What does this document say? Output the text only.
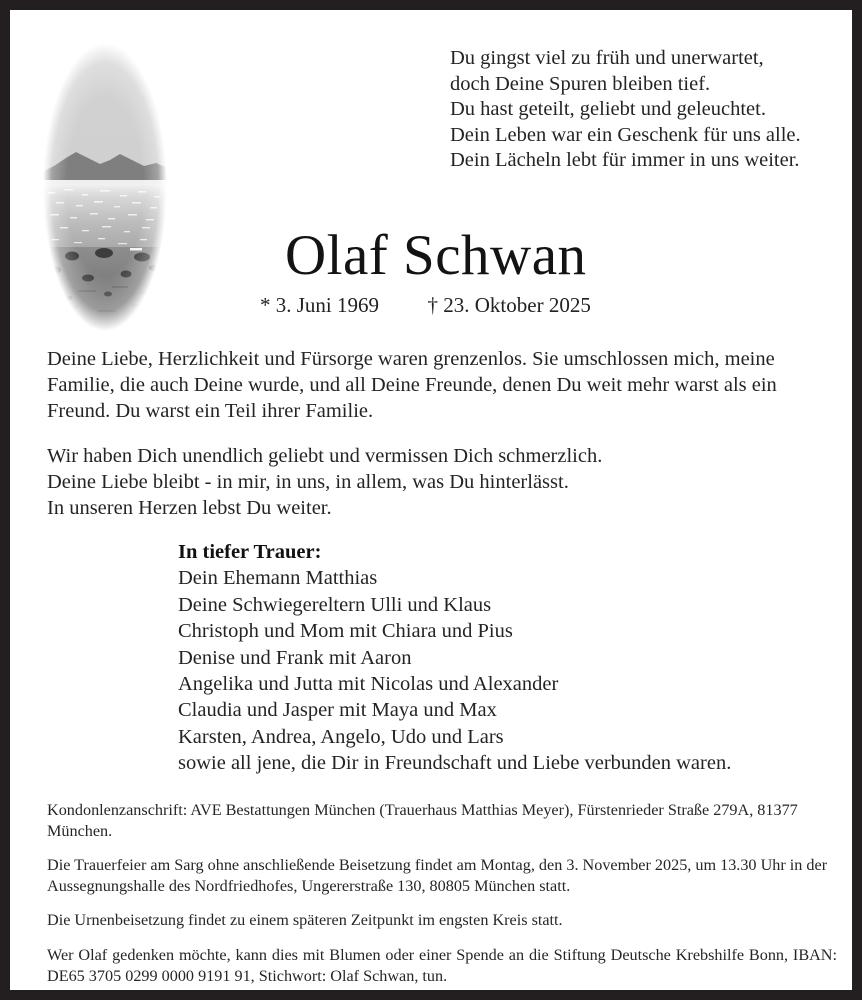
Du gingst viel zu früh und unerwartet,
doch Deine Spuren bleiben tief.
Du hast geteilt, geliebt und geleuchtet.
Dein Leben war ein Geschenk für uns alle.
Dein Lächeln lebt für immer in uns weiter.
Olaf Schwan
* 3. Juni 1969 † 23. Oktober 2025
Deine Liebe, Herzlichkeit und Fürsorge waren grenzenlos. Sie umschlossen mich, meine
Familie, die auch Deine wurde, und all Deine Freunde, denen Du weit mehr warst als ein
Freund. Du warst ein Teil ihrer Familie.
Wir haben Dich unendlich geliebt und vermissen Dich schmerzlich.
Deine Liebe bleibt - in mir, in uns, in allem, was Du hinterlässt.
In unseren Herzen lebst Du weiter.
In tiefer Trauer:
Dein Ehemann Matthias
Deine Schwiegereltern Ulli und Klaus
Christoph und Mom mit Chiara und Pius
Denise und Frank mit Aaron
Angelika und Jutta mit Nicolas und Alexander
Claudia und Jasper mit Maya und Max
Karsten, Andrea, Angelo, Udo und Lars
sowie all jene, die Dir in Freundschaft und Liebe verbunden waren.

Kondonlenzanschrift: AVE Bestattungen München (Trauerhaus Matthias Meyer), Fürstenrieder Straße 279A, 81377 München.

Die Trauerfeier am Sarg ohne anschließende Beisetzung findet am Montag, den 3. November 2025, um 13.30 Uhr in der Aussegnungshalle des Nordfriedhofes, Ungererstraße 130, 80805 München statt.

Die Urnenbeisetzung findet zu einem späteren Zeitpunkt im engsten Kreis statt.

Wer Olaf gedenken möchte, kann dies mit Blumen oder einer Spende an die Stiftung Deutsche Krebshilfe Bonn, IBAN: DE65 3705 0299 0000 9191 91, Stichwort: Olaf Schwan, tun.
